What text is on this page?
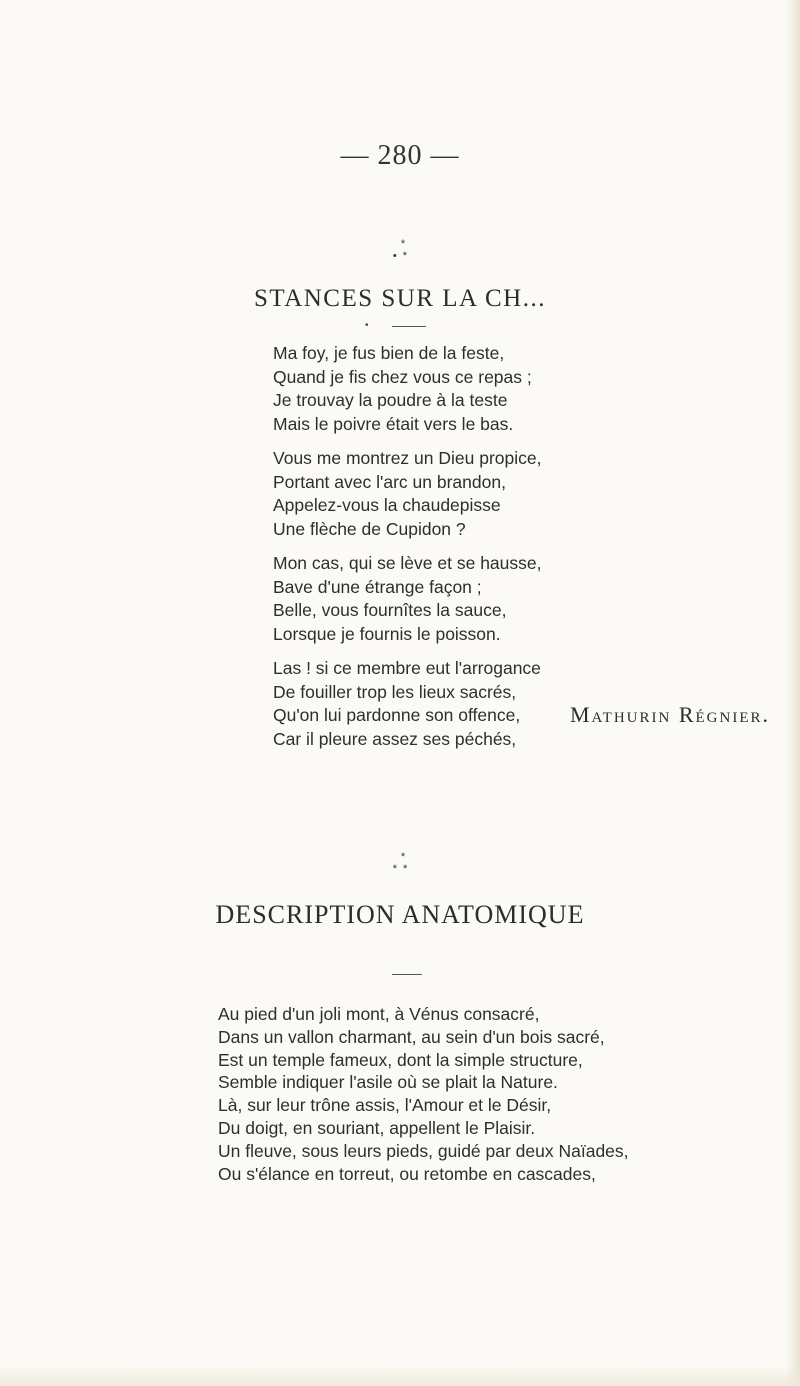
— 280 —
*
• *
STANCES SUR LA CH...
•
Ma foy, je fus bien de la feste,
Quand je fis chez vous ce repas ;
Je trouvay la poudre à la teste
Mais le poivre était vers le bas.
Vous me montrez un Dieu propice,
Portant avec l'arc un brandon,
Appelez-vous la chaudepisse
Une flèche de Cupidon ?
Mon cas, qui se lève et se hausse,
Bave d'une étrange façon ;
Belle, vous fournîtes la sauce,
Lorsque je fournis le poisson.
Las ! si ce membre eut l'arrogance
De fouiller trop les lieux sacrés,
Qu'on lui pardonne son offence,
Car il pleure assez ses péchés,
Mathurin Régnier.
*
* *
DESCRIPTION ANATOMIQUE
Au pied d'un joli mont, à Vénus consacré,
Dans un vallon charmant, au sein d'un bois sacré,
Est un temple fameux, dont la simple structure,
Semble indiquer l'asile où se plait la Nature.
Là, sur leur trône assis, l'Amour et le Désir,
Du doigt, en souriant, appellent le Plaisir.
Un fleuve, sous leurs pieds, guidé par deux Naïades,
Ou s'élance en torreut, ou retombe en cascades,
